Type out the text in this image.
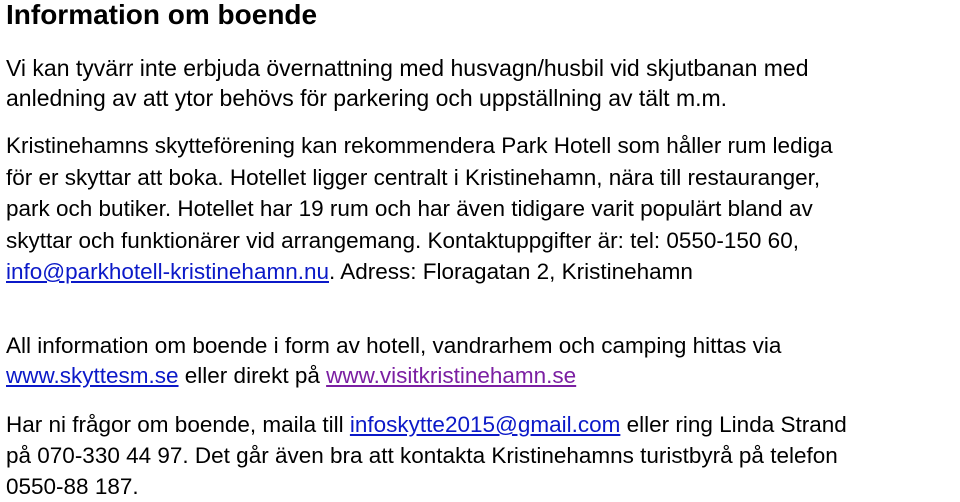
Information om boende
Vi kan tyvärr inte erbjuda övernattning med husvagn/husbil vid skjutbanan med
anledning av att ytor behövs för parkering och uppställning av tält m.m.
Kristinehamns skytteförening kan rekommendera Park Hotell som håller rum lediga
för er skyttar att boka. Hotellet ligger centralt i Kristinehamn, nära till restauranger,
park och butiker. Hotellet har 19 rum och har även tidigare varit populärt bland av
skyttar och funktionärer vid arrangemang. Kontaktuppgifter är: tel: 0550-150 60,
info@parkhotell-kristinehamn.nu. Adress: Floragatan 2, Kristinehamn
All information om boende i form av hotell, vandrarhem och camping hittas via
www.skyttesm.se eller direkt på www.visitkristinehamn.se
Har ni frågor om boende, maila till infoskytte2015@gmail.com eller ring Linda Strand
på 070-330 44 97. Det går även bra att kontakta Kristinehamns turistbyrå på telefon
0550-88 187.
